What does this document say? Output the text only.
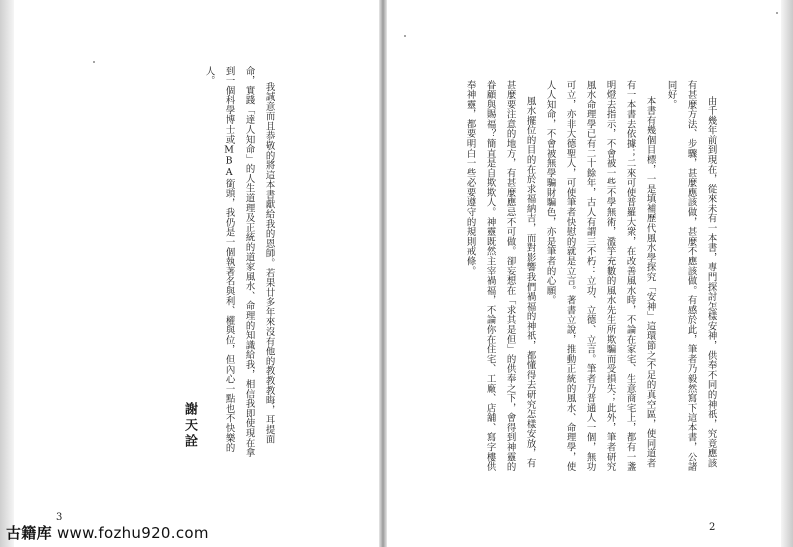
由千幾年前到現在，從來未有一本書，專門探討怎樣安神，供奉不同的神祇，究竟應該
有甚麼方法、步驟，甚麼應該做，甚麼不應該做。有感於此，筆者乃毅然寫下這本書，公諸
同好。
本書有幾個目標，一是填補歷代風水學探究「安神」這環節之不足的真空區，使同道者
有一本書去依據；二來可使普羅大衆，在改善風水時，不論在家宅、生意商宅上，都有一盞
明燈去指示，不會被一些不學無術，濫竽充數的風水先生所欺騙而受損失；此外，筆者研究
風水命理學已有二十餘年，古人有謂三不朽：立功、立德、立言。筆者乃普通人一個，無功
可立，亦非大德聖人，可使筆者快慰的就是立言。著書立說，推動正統的風水、命理學，使
人人知命，不會被無學騙財騙色，亦是筆者的心願。
風水擺位的目的在於求福納吉，而對影響我們禍福的神祇，都懂得去研究怎樣安放，有
甚麼要注意的地方，有甚麼應忌不可做。卻妄想在「求其是但」的供奉之下，會得到神靈的
眷顧與賜福？簡直是自欺欺人。神靈既然主宰禍福，不論你在住宅、工廠、店舖、寫字樓供
奉神靈，都要明白一些必要遵守的規則戒條。
2
我誠意而且恭敬的將這本書獻給我的恩師。若果廿多年來沒有他的教教教晦，耳提面
命，實踐「達人知命」的人生道理及正統的道家風水、命理的知識給我，相信我即使現在拿
到一個科學博士或MBA銜頭，我仍是一個執著名與利、權與位，但內心一點也不快樂的
人。
謝天詮
3
古籍库 www.fozhu920.com
